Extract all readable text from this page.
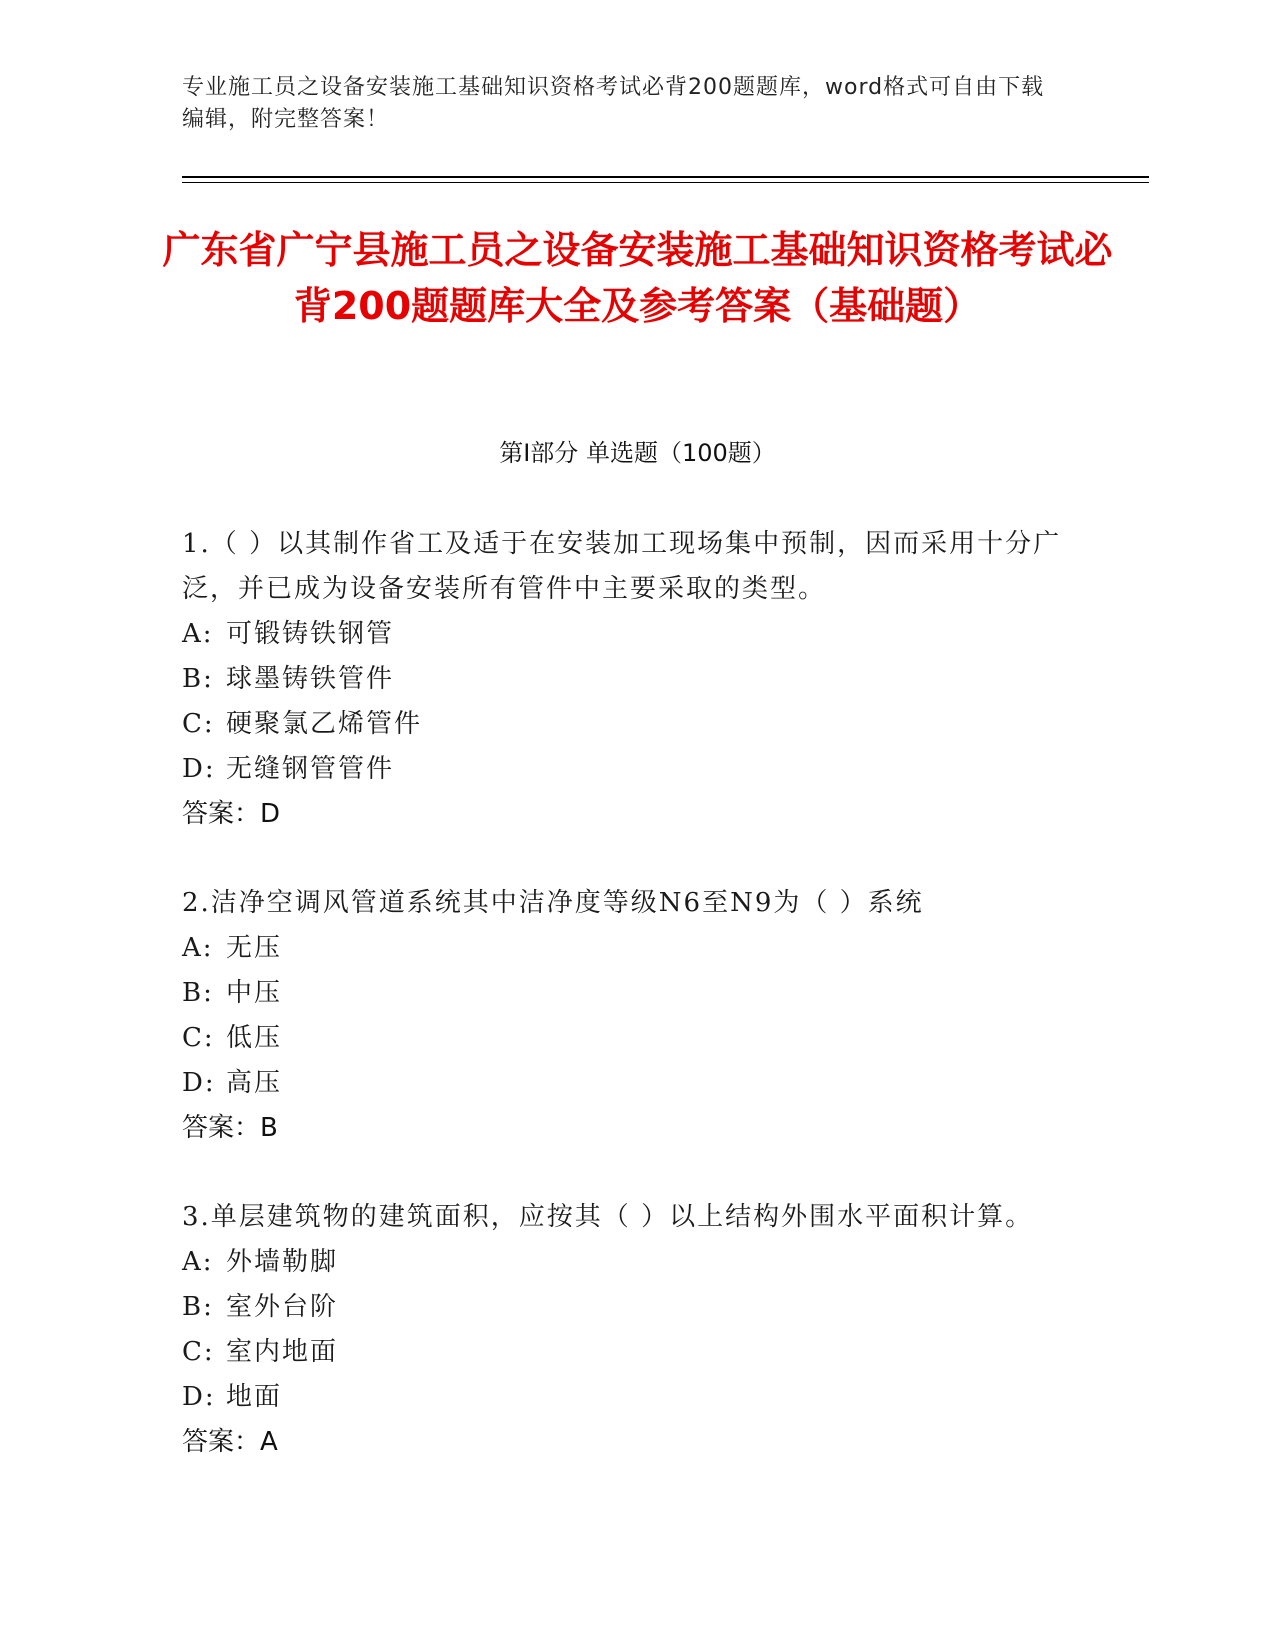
专业施工员之设备安装施工基础知识资格考试必背200题题库，word格式可自由下载编辑，附完整答案！
广东省广宁县施工员之设备安装施工基础知识资格考试必背200题题库大全及参考答案（基础题）
第I部分 单选题（100题）

1.（ ）以其制作省工及适于在安装加工现场集中预制，因而采用十分广泛，并已成为设备安装所有管件中主要采取的类型。

A: 可锻铸铁钢管
B: 球墨铸铁管件
C: 硬聚氯乙烯管件
D: 无缝钢管管件
答案：D

2.洁净空调风管道系统其中洁净度等级N6至N9为（ ）系统

A: 无压
B: 中压
C: 低压
D: 高压
答案：B

3.单层建筑物的建筑面积，应按其（ ）以上结构外围水平面积计算。

A: 外墙勒脚
B: 室外台阶
C: 室内地面
D: 地面
答案：A
